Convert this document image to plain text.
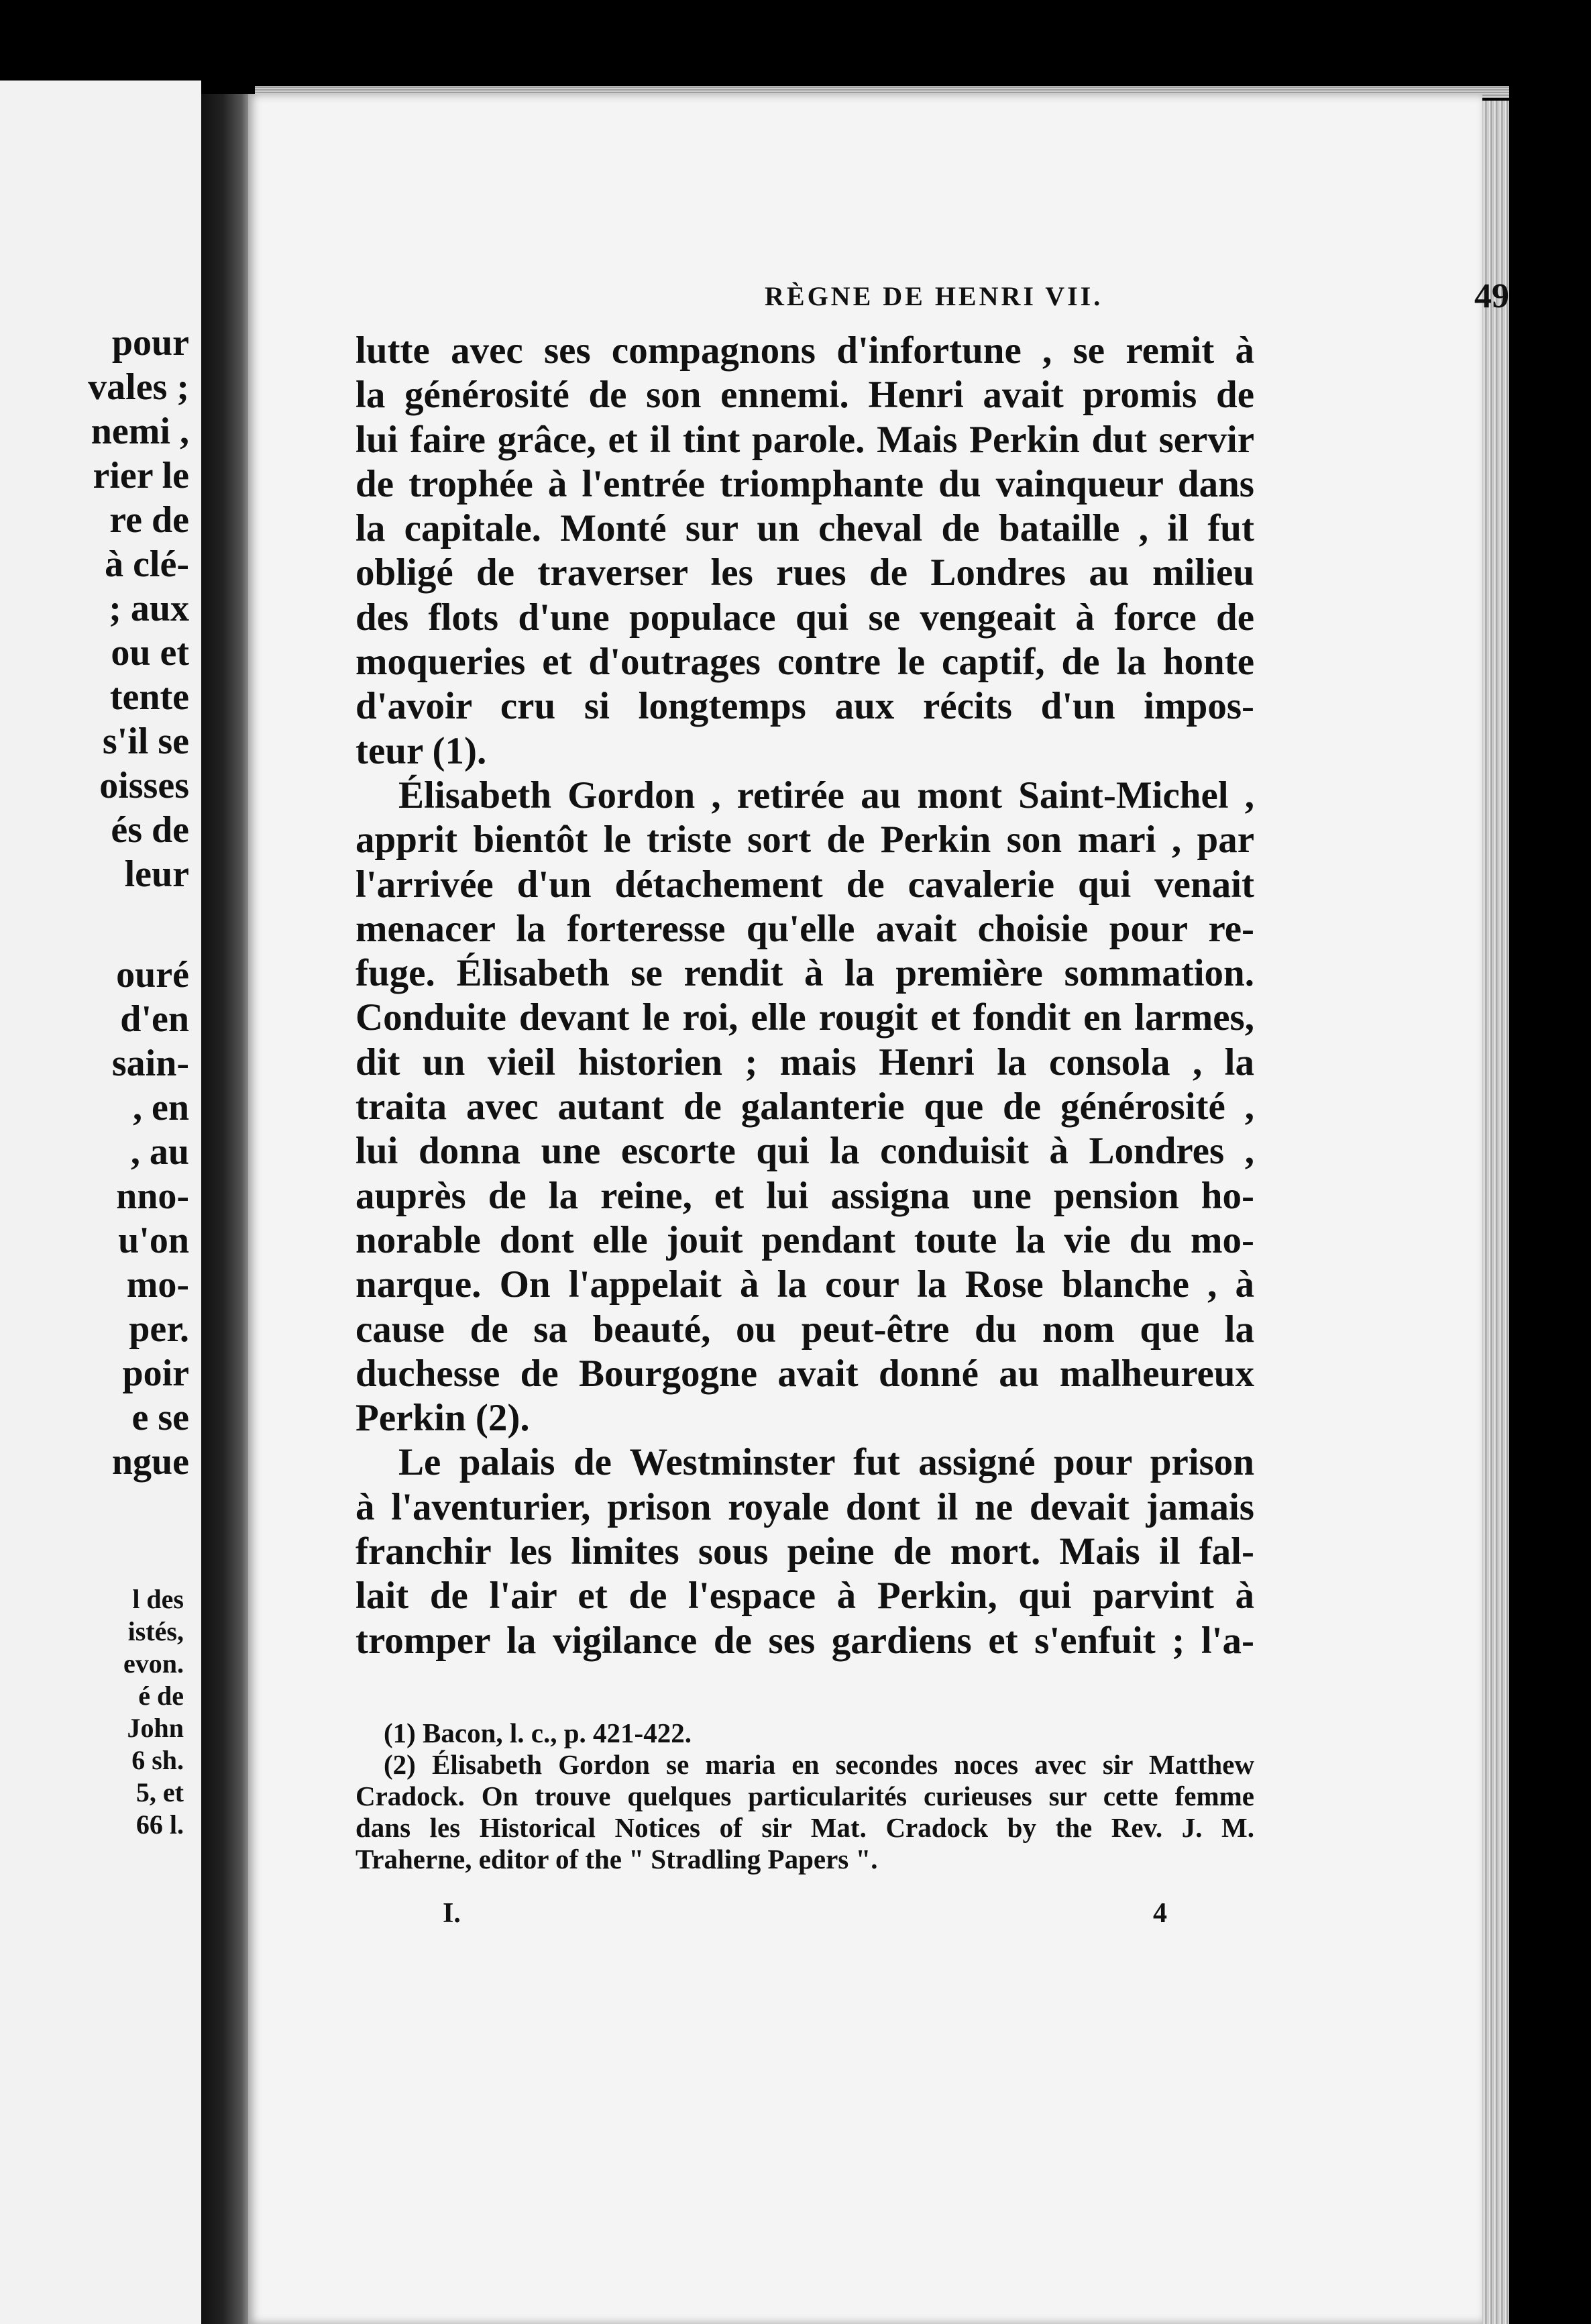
pour
vales ;
nemi ,
rier le
re de
à clé-
; aux
ou et
tente
s'il se
oisses
és de
leur
ouré
d'en
sain-
, en
, au
nno-
u'on
mo-
per.
poir
e se
ngue
l des
istés,
evon.
é de
John
6 sh.
5, et
66 l.
RÈGNE DE HENRI VII.	49
lutte avec ses compagnons d'infortune , se remit à
la générosité de son ennemi. Henri avait promis de
lui faire grâce, et il tint parole. Mais Perkin dut servir
de trophée à l'entrée triomphante du vainqueur dans
la capitale. Monté sur un cheval de bataille , il fut
obligé de traverser les rues de Londres au milieu
des flots d'une populace qui se vengeait à force de
moqueries et d'outrages contre le captif, de la honte
d'avoir cru si longtemps aux récits d'un impos-
teur (1).
Élisabeth Gordon , retirée au mont Saint-Michel ,
apprit bientôt le triste sort de Perkin son mari , par
l'arrivée d'un détachement de cavalerie qui venait
menacer la forteresse qu'elle avait choisie pour re-
fuge. Élisabeth se rendit à la première sommation.
Conduite devant le roi, elle rougit et fondit en larmes,
dit un vieil historien ; mais Henri la consola , la
traita avec autant de galanterie que de générosité ,
lui donna une escorte qui la conduisit à Londres ,
auprès de la reine, et lui assigna une pension ho-
norable dont elle jouit pendant toute la vie du mo-
narque. On l'appelait à la cour la Rose blanche , à
cause de sa beauté, ou peut-être du nom que la
duchesse de Bourgogne avait donné au malheureux
Perkin (2).
Le palais de Westminster fut assigné pour prison
à l'aventurier, prison royale dont il ne devait jamais
franchir les limites sous peine de mort. Mais il fal-
lait de l'air et de l'espace à Perkin, qui parvint à
tromper la vigilance de ses gardiens et s'enfuit ; l'a-
(1) Bacon, l. c., p. 421-422.
(2) Élisabeth Gordon se maria en secondes noces avec sir Matthew
Cradock. On trouve quelques particularités curieuses sur cette femme
dans les Historical Notices of sir Mat. Cradock by the Rev. J. M.
Traherne, editor of the " Stradling Papers ".
I.	4
